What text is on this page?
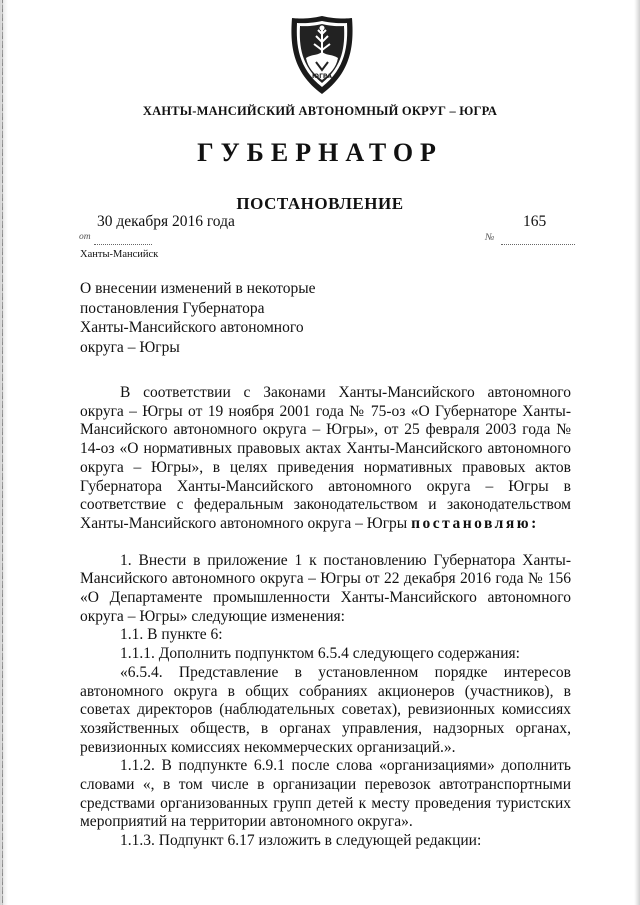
ЮГРА
ХАНТЫ-МАНСИЙСКИЙ АВТОНОМНЫЙ ОКРУГ – ЮГРА
ГУБЕРНАТОР
ПОСТАНОВЛЕНИЕ
30 декабря 2016 года
от
165
№
Ханты-Мансийск
О внесении изменений в некоторые
постановления Губернатора
Ханты-Мансийского автономного
округа – Югры

В соответствии с Законами Ханты-Мансийского автономного округа – Югры от 19 ноября 2001 года № 75-оз «О Губернаторе Ханты-Мансийского автономного округа – Югры», от 25 февраля 2003 года № 14-оз «О нормативных правовых актах Ханты-Мансийского автономного округа – Югры», в целях приведения нормативных правовых актов Губернатора Ханты-Мансийского автономного округа – Югры в соответствие с федеральным законодательством и законодательством Ханты-Мансийского автономного округа – Югры постановляю:

1. Внести в приложение 1 к постановлению Губернатора Ханты-Мансийского автономного округа – Югры от 22 декабря 2016 года № 156 «О Департаменте промышленности Ханты-Мансийского автономного округа – Югры» следующие изменения:

1.1. В пункте 6:

1.1.1. Дополнить подпунктом 6.5.4 следующего содержания:

«6.5.4. Представление в установленном порядке интересов автономного округа в общих собраниях акционеров (участников), в советах директоров (наблюдательных советах), ревизионных комиссиях хозяйственных обществ, в органах управления, надзорных органах, ревизионных комиссиях некоммерческих организаций.».

1.1.2. В подпункте 6.9.1 после слова «организациями» дополнить словами «, в том числе в организации перевозок автотранспортными средствами организованных групп детей к месту проведения туристских мероприятий на территории автономного округа».

1.1.3. Подпункт 6.17 изложить в следующей редакции:
